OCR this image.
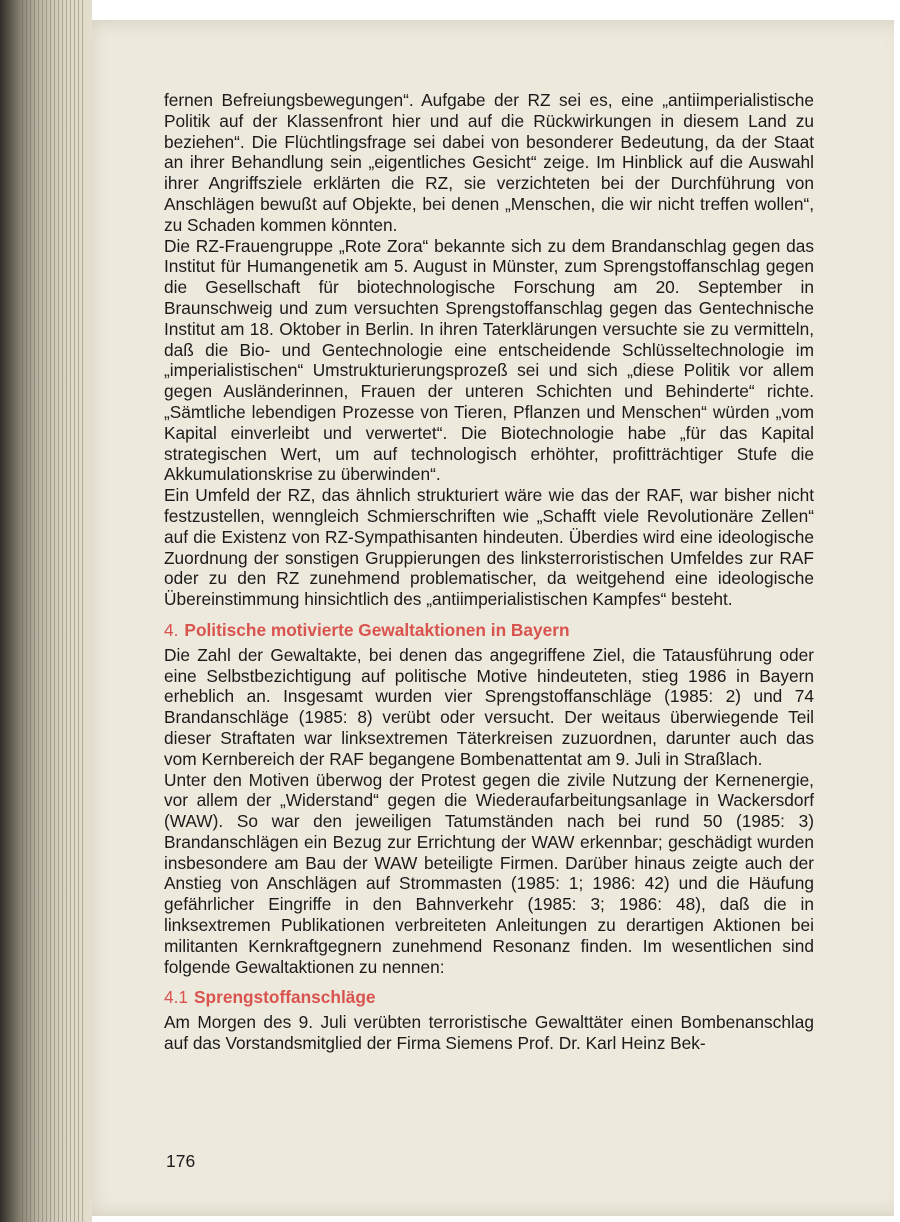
fernen Befreiungsbewegungen“. Aufgabe der RZ sei es, eine „antiimperialistische Politik auf der Klassenfront hier und auf die Rückwirkungen in diesem Land zu beziehen“. Die Flüchtlingsfrage sei dabei von besonderer Bedeutung, da der Staat an ihrer Behandlung sein „eigentliches Gesicht“ zeige. Im Hinblick auf die Auswahl ihrer Angriffsziele erklärten die RZ, sie verzichteten bei der Durchführung von Anschlägen bewußt auf Objekte, bei denen „Menschen, die wir nicht treffen wollen“, zu Schaden kommen könnten.

Die RZ-Frauengruppe „Rote Zora“ bekannte sich zu dem Brandanschlag gegen das Institut für Humangenetik am 5. August in Münster, zum Sprengstoffanschlag gegen die Gesellschaft für biotechnologische Forschung am 20. September in Braunschweig und zum versuchten Sprengstoffanschlag gegen das Gentechnische Institut am 18. Oktober in Berlin. In ihren Taterklärungen versuchte sie zu vermitteln, daß die Bio- und Gentechnologie eine entscheidende Schlüsseltechnologie im „imperialistischen“ Umstrukturierungsprozeß sei und sich „diese Politik vor allem gegen Ausländerinnen, Frauen der unteren Schichten und Behinderte“ richte. „Sämtliche lebendigen Prozesse von Tieren, Pflanzen und Menschen“ würden „vom Kapital einverleibt und verwertet“. Die Biotechnologie habe „für das Kapital strategischen Wert, um auf technologisch erhöhter, profitträchtiger Stufe die Akkumulationskrise zu überwinden“.

Ein Umfeld der RZ, das ähnlich strukturiert wäre wie das der RAF, war bisher nicht festzustellen, wenngleich Schmierschriften wie „Schafft viele Revolutionäre Zellen“ auf die Existenz von RZ-Sympathisanten hindeuten. Überdies wird eine ideologische Zuordnung der sonstigen Gruppierungen des linksterroristischen Umfeldes zur RAF oder zu den RZ zunehmend problematischer, da weitgehend eine ideologische Übereinstimmung hinsichtlich des „antiimperialistischen Kampfes“ besteht.

4. Politische motivierte Gewaltaktionen in Bayern

Die Zahl der Gewaltakte, bei denen das angegriffene Ziel, die Tatausführung oder eine Selbstbezichtigung auf politische Motive hindeuteten, stieg 1986 in Bayern erheblich an. Insgesamt wurden vier Sprengstoffanschläge (1985: 2) und 74 Brandanschläge (1985: 8) verübt oder versucht. Der weitaus überwiegende Teil dieser Straftaten war linksextremen Täterkreisen zuzuordnen, darunter auch das vom Kernbereich der RAF begangene Bombenattentat am 9. Juli in Straßlach.

Unter den Motiven überwog der Protest gegen die zivile Nutzung der Kernenergie, vor allem der „Widerstand“ gegen die Wiederaufarbeitungsanlage in Wackersdorf (WAW). So war den jeweiligen Tatumständen nach bei rund 50 (1985: 3) Brandanschlägen ein Bezug zur Errichtung der WAW erkennbar; geschädigt wurden insbesondere am Bau der WAW beteiligte Firmen. Darüber hinaus zeigte auch der Anstieg von Anschlägen auf Strommasten (1985: 1; 1986: 42) und die Häufung gefährlicher Eingriffe in den Bahnverkehr (1985: 3; 1986: 48), daß die in linksextremen Publikationen verbreiteten Anleitungen zu derartigen Aktionen bei militanten Kernkraftgegnern zunehmend Resonanz finden. Im wesentlichen sind folgende Gewaltaktionen zu nennen:

4.1 Sprengstoffanschläge

Am Morgen des 9. Juli verübten terroristische Gewalttäter einen Bombenanschlag auf das Vorstandsmitglied der Firma Siemens Prof. Dr. Karl Heinz Bek-

176
